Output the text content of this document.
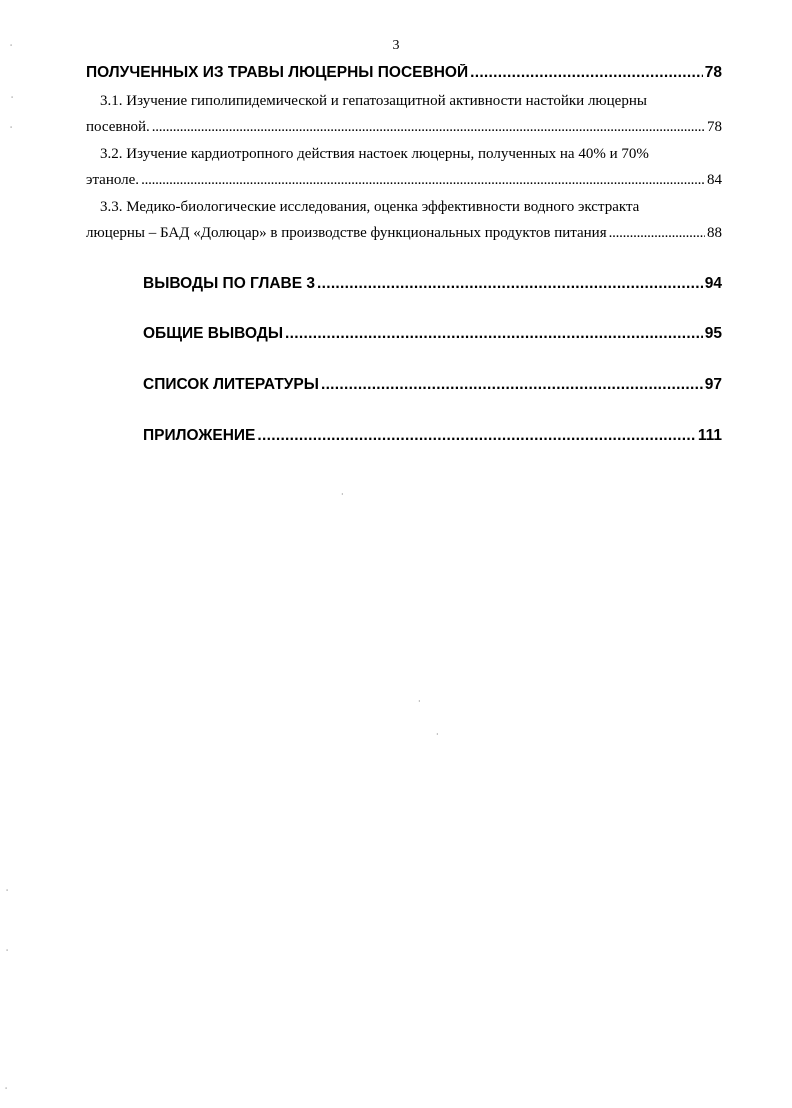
3
ПОЛУЧЕННЫХ ИЗ ТРАВЫ ЛЮЦЕРНЫ ПОСЕВНОЙ . . .	78
3.1. Изучение гиполипидемической и гепатозащитной активности настойки люцерны
посевной. . . .	78
3.2. Изучение кардиотропного действия настоек люцерны, полученных на 40% и 70%
этаноле. . . .	84
3.3. Медико-биологические исследования, оценка эффективности водного экстракта
люцерны – БАД «Долюцар» в производстве функциональных продуктов питания . . .	88
ВЫВОДЫ ПО ГЛАВЕ 3 . . .	94
ОБЩИЕ ВЫВОДЫ . . .	95
СПИСОК ЛИТЕРАТУРЫ . . .	97
ПРИЛОЖЕНИЕ . . .	111
⸱
⸱
⸱
⸱
⸱
⸱
·
·
·
